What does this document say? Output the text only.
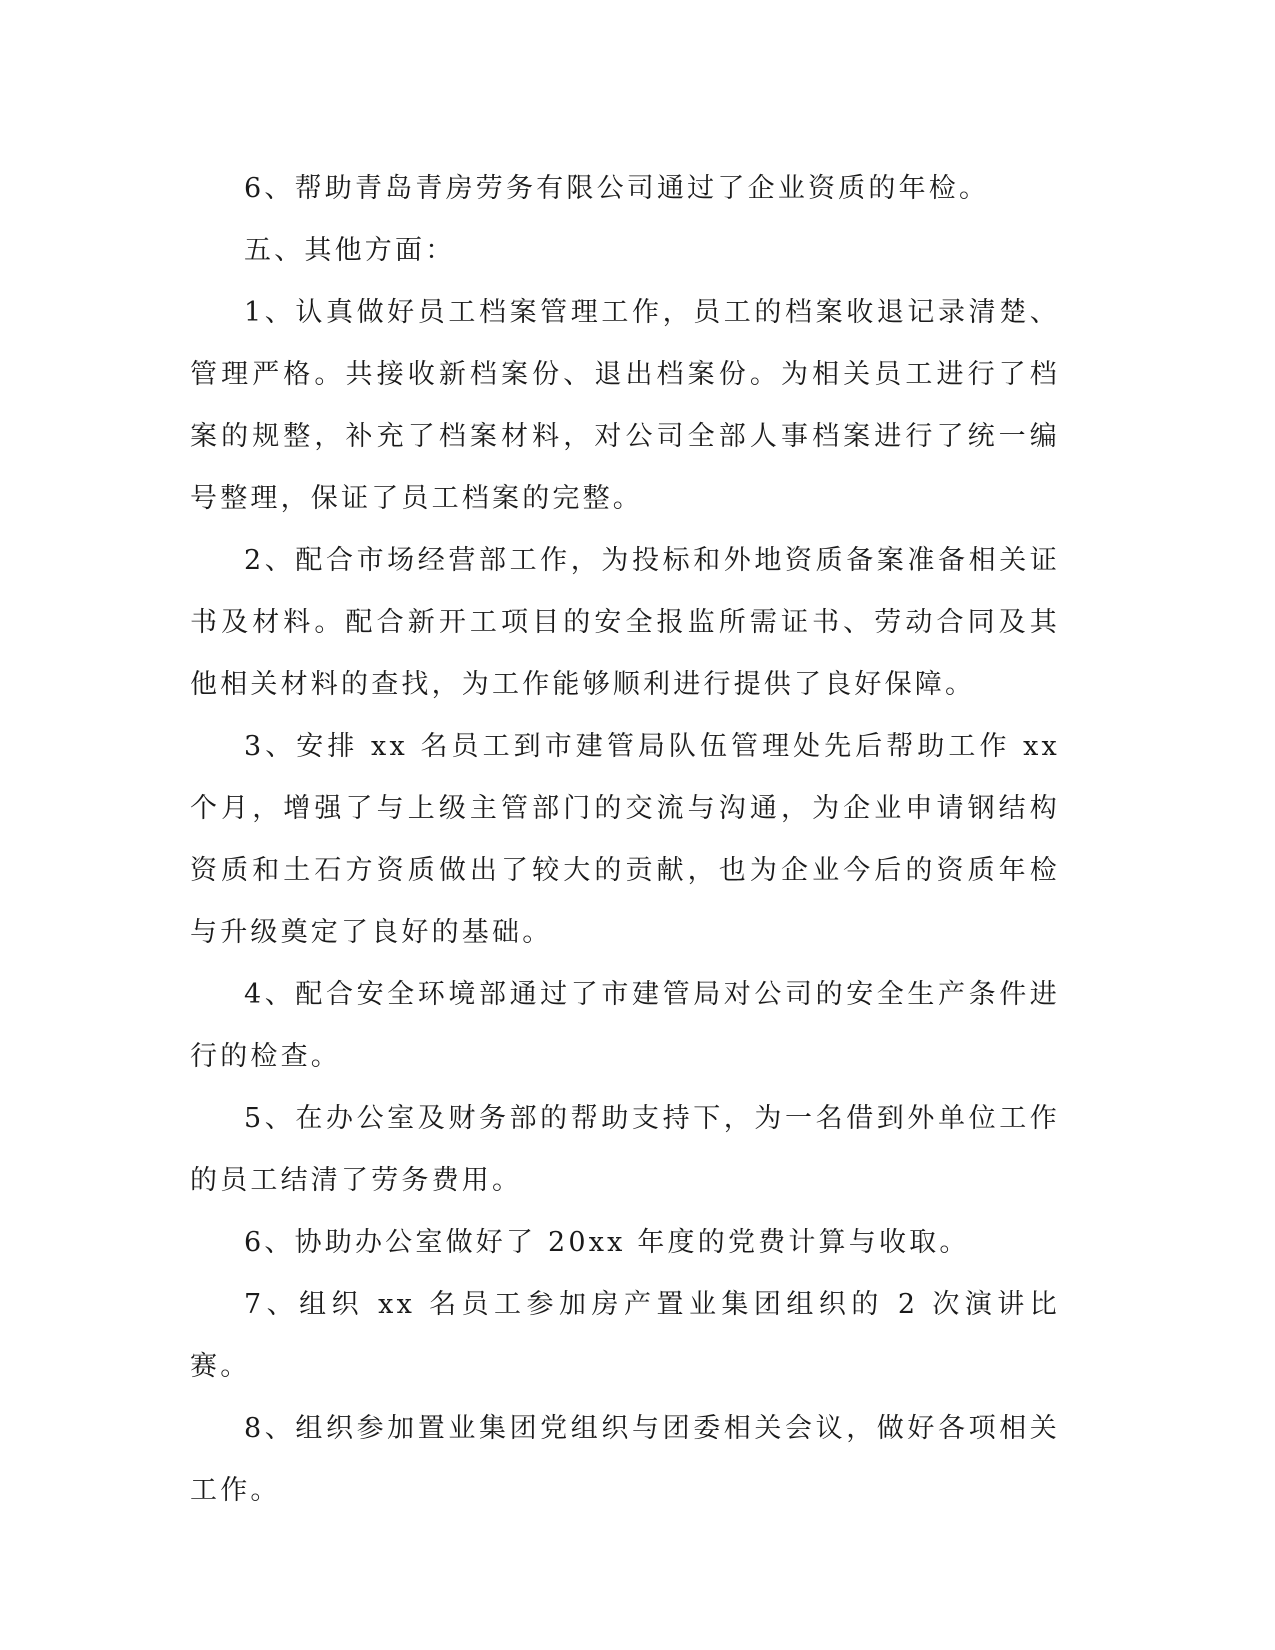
6、帮助青岛青房劳务有限公司通过了企业资质的年检。

五、其他方面：

1、认真做好员工档案管理工作，员工的档案收退记录清楚、管理严格。共接收新档案份、退出档案份。为相关员工进行了档案的规整，补充了档案材料，对公司全部人事档案进行了统一编号整理，保证了员工档案的完整。

2、配合市场经营部工作，为投标和外地资质备案准备相关证书及材料。配合新开工项目的安全报监所需证书、劳动合同及其他相关材料的查找，为工作能够顺利进行提供了良好保障。

3、安排 xx 名员工到市建管局队伍管理处先后帮助工作 xx 个月，增强了与上级主管部门的交流与沟通，为企业申请钢结构资质和土石方资质做出了较大的贡献，也为企业今后的资质年检与升级奠定了良好的基础。

4、配合安全环境部通过了市建管局对公司的安全生产条件进行的检查。

5、在办公室及财务部的帮助支持下，为一名借到外单位工作的员工结清了劳务费用。

6、协助办公室做好了 20xx 年度的党费计算与收取。

7、组织 xx 名员工参加房产置业集团组织的 2 次演讲比赛。

8、组织参加置业集团党组织与团委相关会议，做好各项相关工作。
